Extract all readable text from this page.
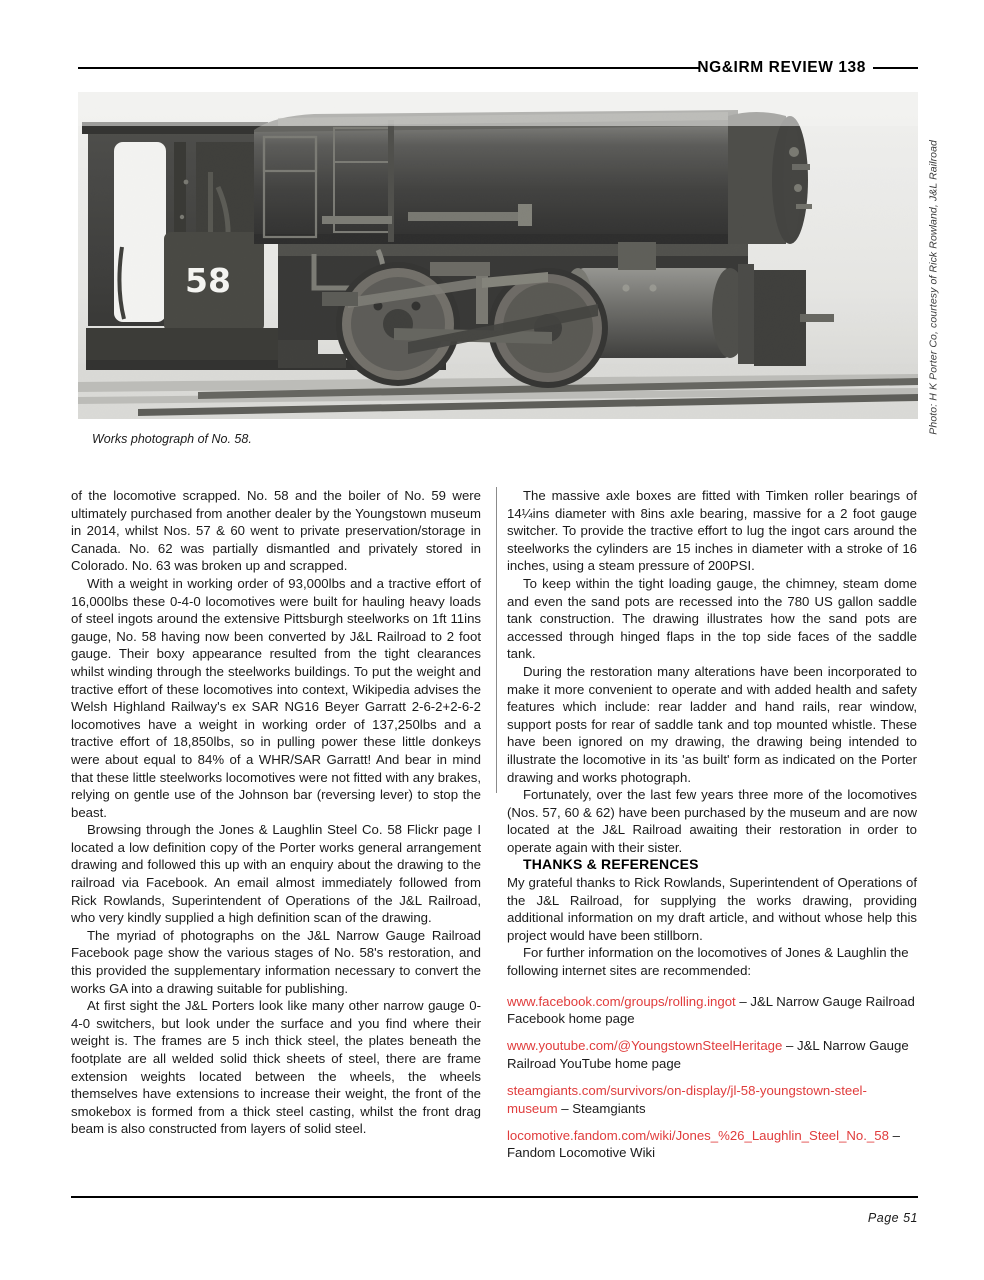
NG&IRM REVIEW 138
58	Photo: H K Porter Co, courtesy of Rick Rowland, J&L Railroad
Works photograph of No. 58.

of the locomotive scrapped. No. 58 and the boiler of No. 59 were ultimately purchased from another dealer by the Youngstown museum in 2014, whilst Nos. 57 & 60 went to private preservation/storage in Canada. No. 62 was partially dismantled and privately stored in Colorado. No. 63 was broken up and scrapped.

With a weight in working order of 93,000lbs and a tractive effort of 16,000lbs these 0-4-0 locomotives were built for hauling heavy loads of steel ingots around the extensive Pittsburgh steelworks on 1ft 11ins gauge, No. 58 having now been converted by J&L Railroad to 2 foot gauge. Their boxy appearance resulted from the tight clearances whilst winding through the steelworks buildings. To put the weight and tractive effort of these locomotives into context, Wikipedia advises the Welsh Highland Railway's ex SAR NG16 Beyer Garratt 2-6-2+2-6-2 locomotives have a weight in working order of 137,250lbs and a tractive effort of 18,850lbs, so in pulling power these little donkeys were about equal to 84% of a WHR/SAR Garratt! And bear in mind that these little steelworks locomotives were not fitted with any brakes, relying on gentle use of the Johnson bar (reversing lever) to stop the beast.

Browsing through the Jones & Laughlin Steel Co. 58 Flickr page I located a low definition copy of the Porter works general arrangement drawing and followed this up with an enquiry about the drawing to the railroad via Facebook. An email almost immediately followed from Rick Rowlands, Superintendent of Operations of the J&L Railroad, who very kindly supplied a high definition scan of the drawing.

The myriad of photographs on the J&L Narrow Gauge Railroad Facebook page show the various stages of No. 58's restoration, and this provided the supplementary information necessary to convert the works GA into a drawing suitable for publishing.

At first sight the J&L Porters look like many other narrow gauge 0-4-0 switchers, but look under the surface and you find where their weight is. The frames are 5 inch thick steel, the plates beneath the footplate are all welded solid thick sheets of steel, there are frame extension weights located between the wheels, the wheels themselves have extensions to increase their weight, the front of the smokebox is formed from a thick steel casting, whilst the front drag beam is also constructed from layers of solid steel.

The massive axle boxes are fitted with Timken roller bearings of 14¼ins diameter with 8ins axle bearing, massive for a 2 foot gauge switcher. To provide the tractive effort to lug the ingot cars around the steelworks the cylinders are 15 inches in diameter with a stroke of 16 inches, using a steam pressure of 200PSI.

To keep within the tight loading gauge, the chimney, steam dome and even the sand pots are recessed into the 780 US gallon saddle tank construction. The drawing illustrates how the sand pots are accessed through hinged flaps in the top side faces of the saddle tank.

During the restoration many alterations have been incorporated to make it more convenient to operate and with added health and safety features which include: rear ladder and hand rails, rear window, support posts for rear of saddle tank and top mounted whistle. These have been ignored on my drawing, the drawing being intended to illustrate the locomotive in its 'as built' form as indicated on the Porter drawing and works photograph.

Fortunately, over the last few years three more of the locomotives (Nos. 57, 60 & 62) have been purchased by the museum and are now located at the J&L Railroad awaiting their restoration in order to operate again with their sister.

THANKS & REFERENCES

My grateful thanks to Rick Rowlands, Superintendent of Operations of the J&L Railroad, for supplying the works drawing, providing additional information on my draft article, and without whose help this project would have been stillborn.

For further information on the locomotives of Jones & Laughlin the following internet sites are recommended:

www.facebook.com/groups/rolling.ingot – J&L Narrow Gauge Railroad Facebook home page
www.youtube.com/@YoungstownSteelHeritage – J&L Narrow Gauge Railroad YouTube home page
steamgiants.com/survivors/on-display/jl-58-youngstown-steel-museum – Steamgiants
locomotive.fandom.com/wiki/Jones_%26_Laughlin_Steel_No._58 – Fandom Locomotive Wiki
Page 51
